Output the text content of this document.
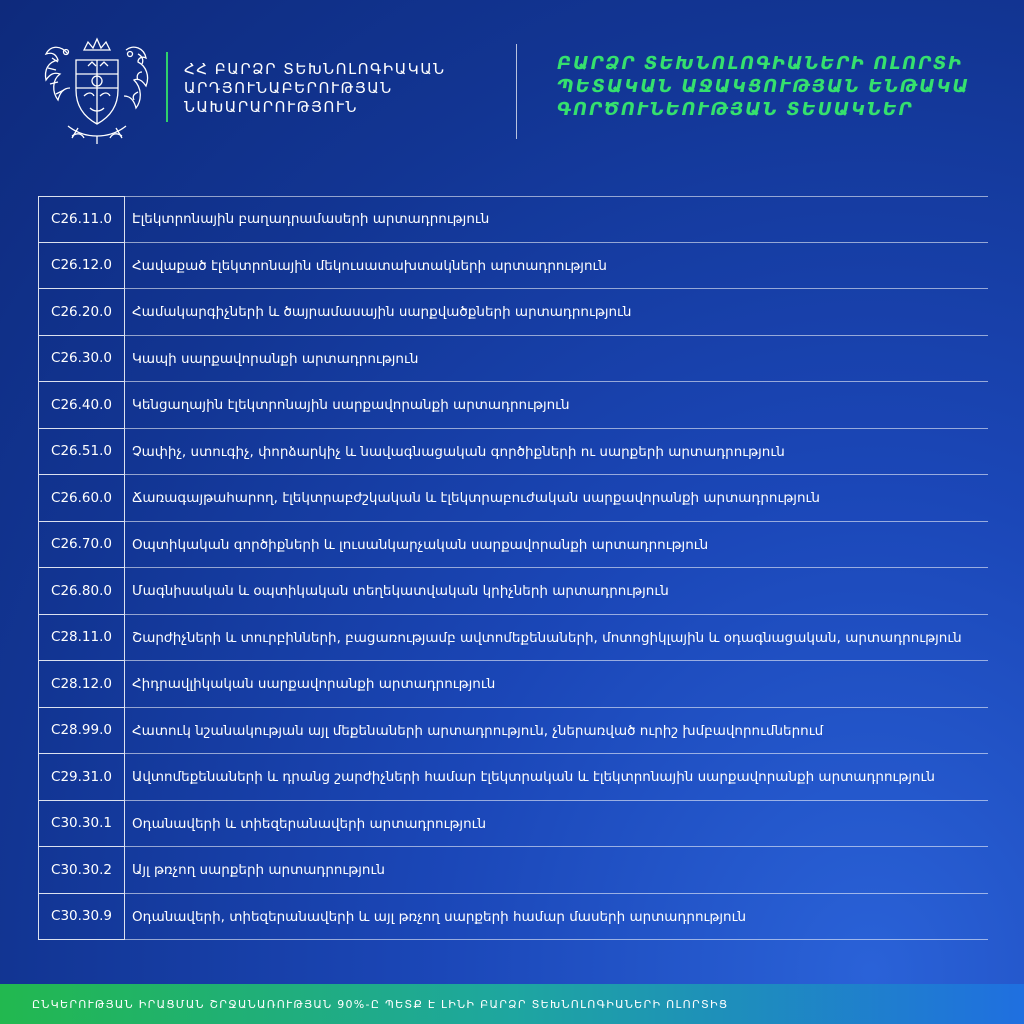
ՀՀ ԲԱՐՁՐ ՏԵԽՆՈԼՈԳԻԱԿԱՆ
ԱՐԴՅՈՒՆԱԲԵՐՈՒԹՅԱՆ
ՆԱԽԱՐԱՐՈՒԹՅՈՒՆ
ԲԱՐՁՐ ՏԵԽՆՈԼՈԳԻԱՆԵՐԻ ՈԼՈՐՏԻ
ՊԵՏԱԿԱՆ ԱՋԱԿՑՈՒԹՅԱՆ ԵՆԹԱԿԱ
ԳՈՐԾՈՒՆԵՈՒԹՅԱՆ ՏԵՍԱԿՆԵՐ
C26.11.0	Էլեկտրոնային բաղադրամասերի արտադրություն
C26.12.0	Հավաքած էլեկտրոնային մեկուսատախտակների արտադրություն
C26.20.0	Համակարգիչների և ծայրամասային սարքվածքների արտադրություն
C26.30.0	Կապի սարքավորանքի արտադրություն
C26.40.0	Կենցաղային էլեկտրոնային սարքավորանքի արտադրություն
C26.51.0	Չափիչ, ստուգիչ, փորձարկիչ և նավագնացական գործիքների ու սարքերի արտադրություն
C26.60.0	Ճառագայթահարող, էլեկտրաբժշկական և էլեկտրաբուժական սարքավորանքի արտադրություն
C26.70.0	Օպտիկական գործիքների և լուսանկարչական սարքավորանքի արտադրություն
C26.80.0	Մագնիսական և օպտիկական տեղեկատվական կրիչների արտադրություն
C28.11.0	Շարժիչների և տուրբինների, բացառությամբ ավտոմեքենաների, մոտոցիկլային և օդագնացական, արտադրություն
C28.12.0	Հիդրավլիկական սարքավորանքի արտադրություն
C28.99.0	Հատուկ նշանակության այլ մեքենաների արտադրություն, չներառված ուրիշ խմբավորումներում
C29.31.0	Ավտոմեքենաների և դրանց շարժիչների համար էլեկտրական և էլեկտրոնային սարքավորանքի արտադրություն
C30.30.1	Օդանավերի և տիեզերանավերի արտադրություն
C30.30.2	Այլ թռչող սարքերի արտադրություն
C30.30.9	Օդանավերի, տիեզերանավերի և այլ թռչող սարքերի համար մասերի արտադրություն
ԸՆԿԵՐՈՒԹՅԱՆ ԻՐԱՑՄԱՆ ՇՐՋԱՆԱՌՈՒԹՅԱՆ 90%-Ը ՊԵՏՔ Է ԼԻՆԻ ԲԱՐՁՐ ՏԵԽՆՈԼՈԳԻԱՆԵՐԻ ՈԼՈՐՏԻՑ
